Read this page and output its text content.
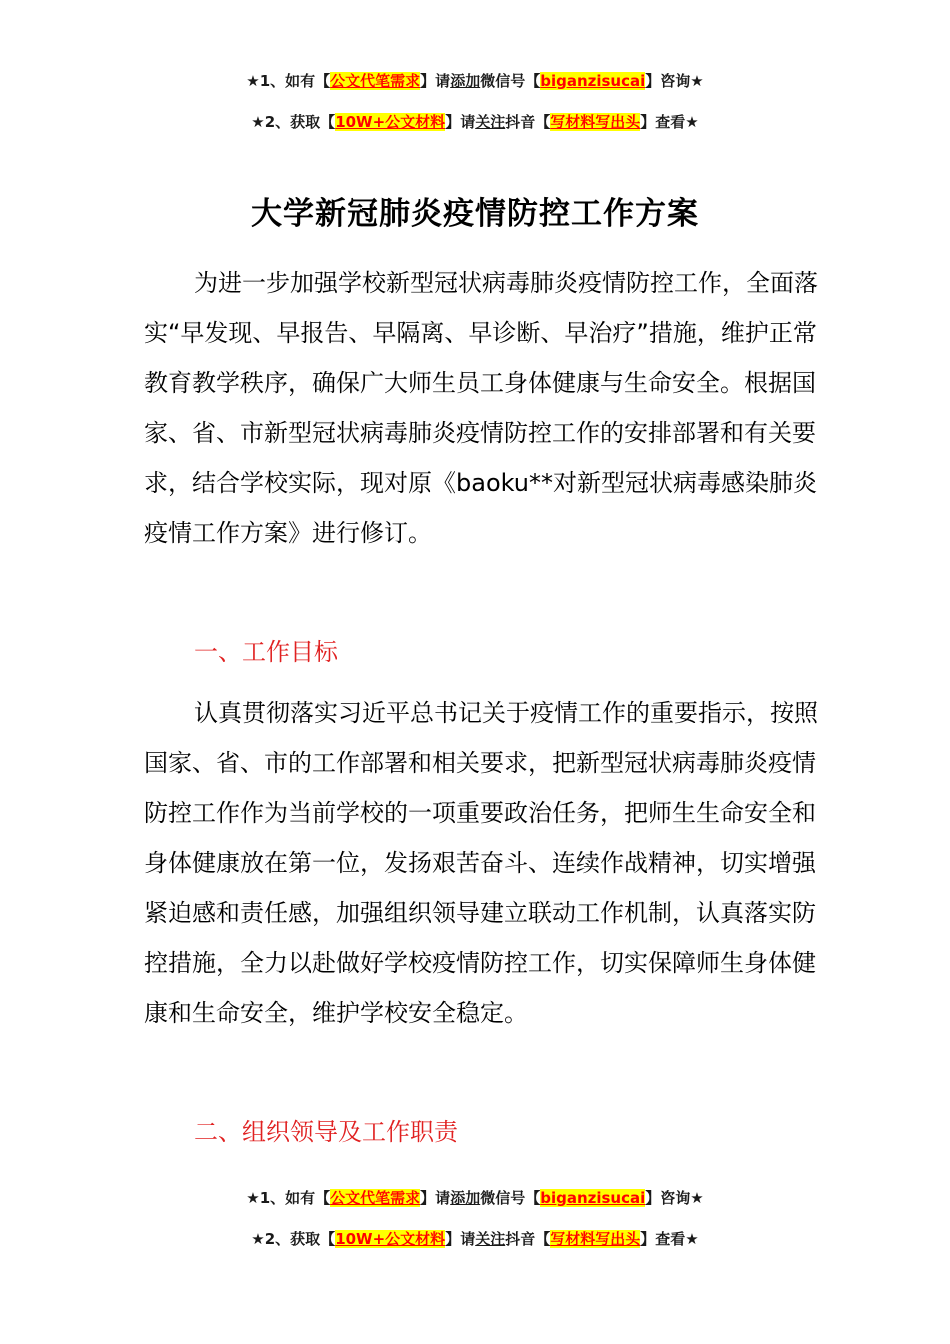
★1、如有【公文代笔需求】请添加微信号【biganzisucai】咨询★
★2、获取【10W+公文材料】请关注抖音【写材料写出头】查看★
大学新冠肺炎疫情防控工作方案
为进一步加强学校新型冠状病毒肺炎疫情防控工作，全面落实“早发现、早报告、早隔离、早诊断、早治疗”措施，维护正常教育教学秩序，确保广大师生员工身体健康与生命安全。根据国家、省、市新型冠状病毒肺炎疫情防控工作的安排部署和有关要求，结合学校实际，现对原《baoku**对新型冠状病毒感染肺炎疫情工作方案》进行修订。
一、工作目标
认真贯彻落实习近平总书记关于疫情工作的重要指示，按照国家、省、市的工作部署和相关要求，把新型冠状病毒肺炎疫情防控工作作为当前学校的一项重要政治任务，把师生生命安全和身体健康放在第一位，发扬艰苦奋斗、连续作战精神，切实增强紧迫感和责任感，加强组织领导建立联动工作机制，认真落实防控措施，全力以赴做好学校疫情防控工作，切实保障师生身体健康和生命安全，维护学校安全稳定。
二、组织领导及工作职责
★1、如有【公文代笔需求】请添加微信号【biganzisucai】咨询★
★2、获取【10W+公文材料】请关注抖音【写材料写出头】查看★
